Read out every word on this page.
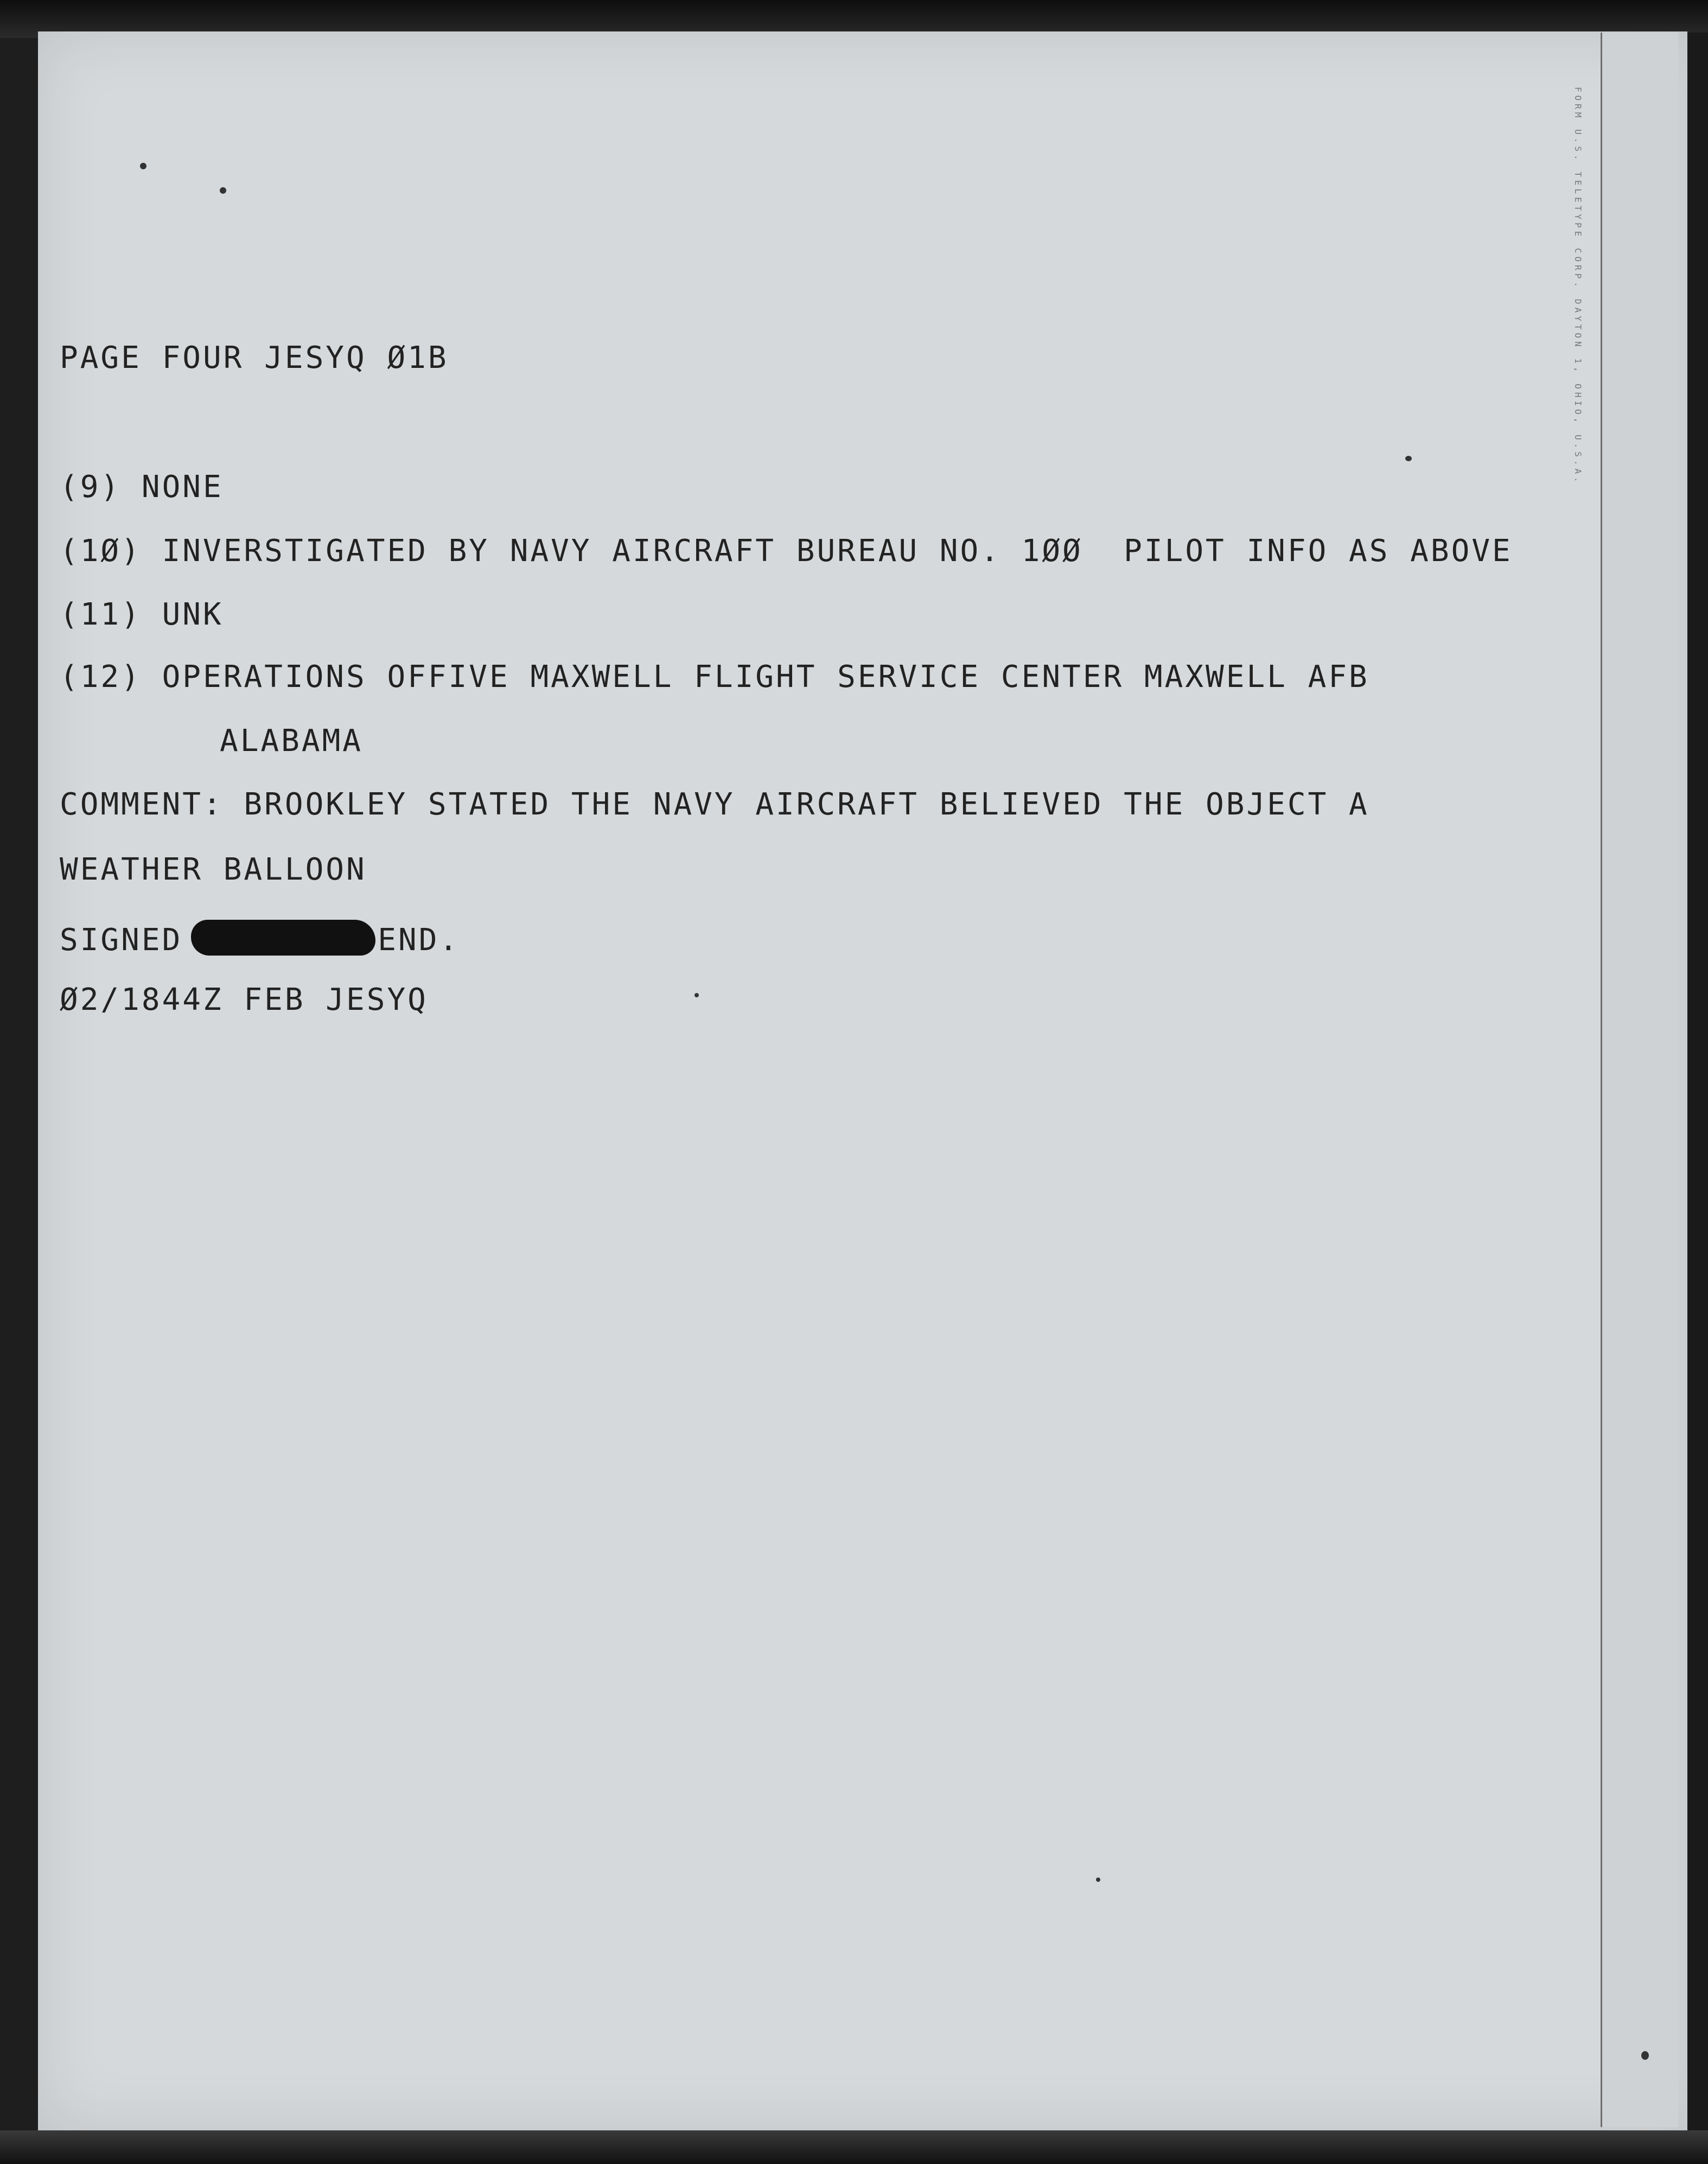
FORM U.S. TELETYPE CORP. DAYTON 1, OHIO, U.S.A.

PAGE FOUR JESYQ Ø1B

(9) NONE

(1Ø) INVERSTIGATED BY NAVY AIRCRAFT BUREAU NO. 1ØØ  PILOT INFO AS ABOVE

(11) UNK

(12) OPERATIONS OFFIVE MAXWELL FLIGHT SERVICE CENTER MAXWELL AFB

ALABAMA

COMMENT: BROOKLEY STATED THE NAVY AIRCRAFT BELIEVED THE OBJECT A

WEATHER BALLOON

SIGNED	END.

Ø2/1844Z FEB JESYQ
